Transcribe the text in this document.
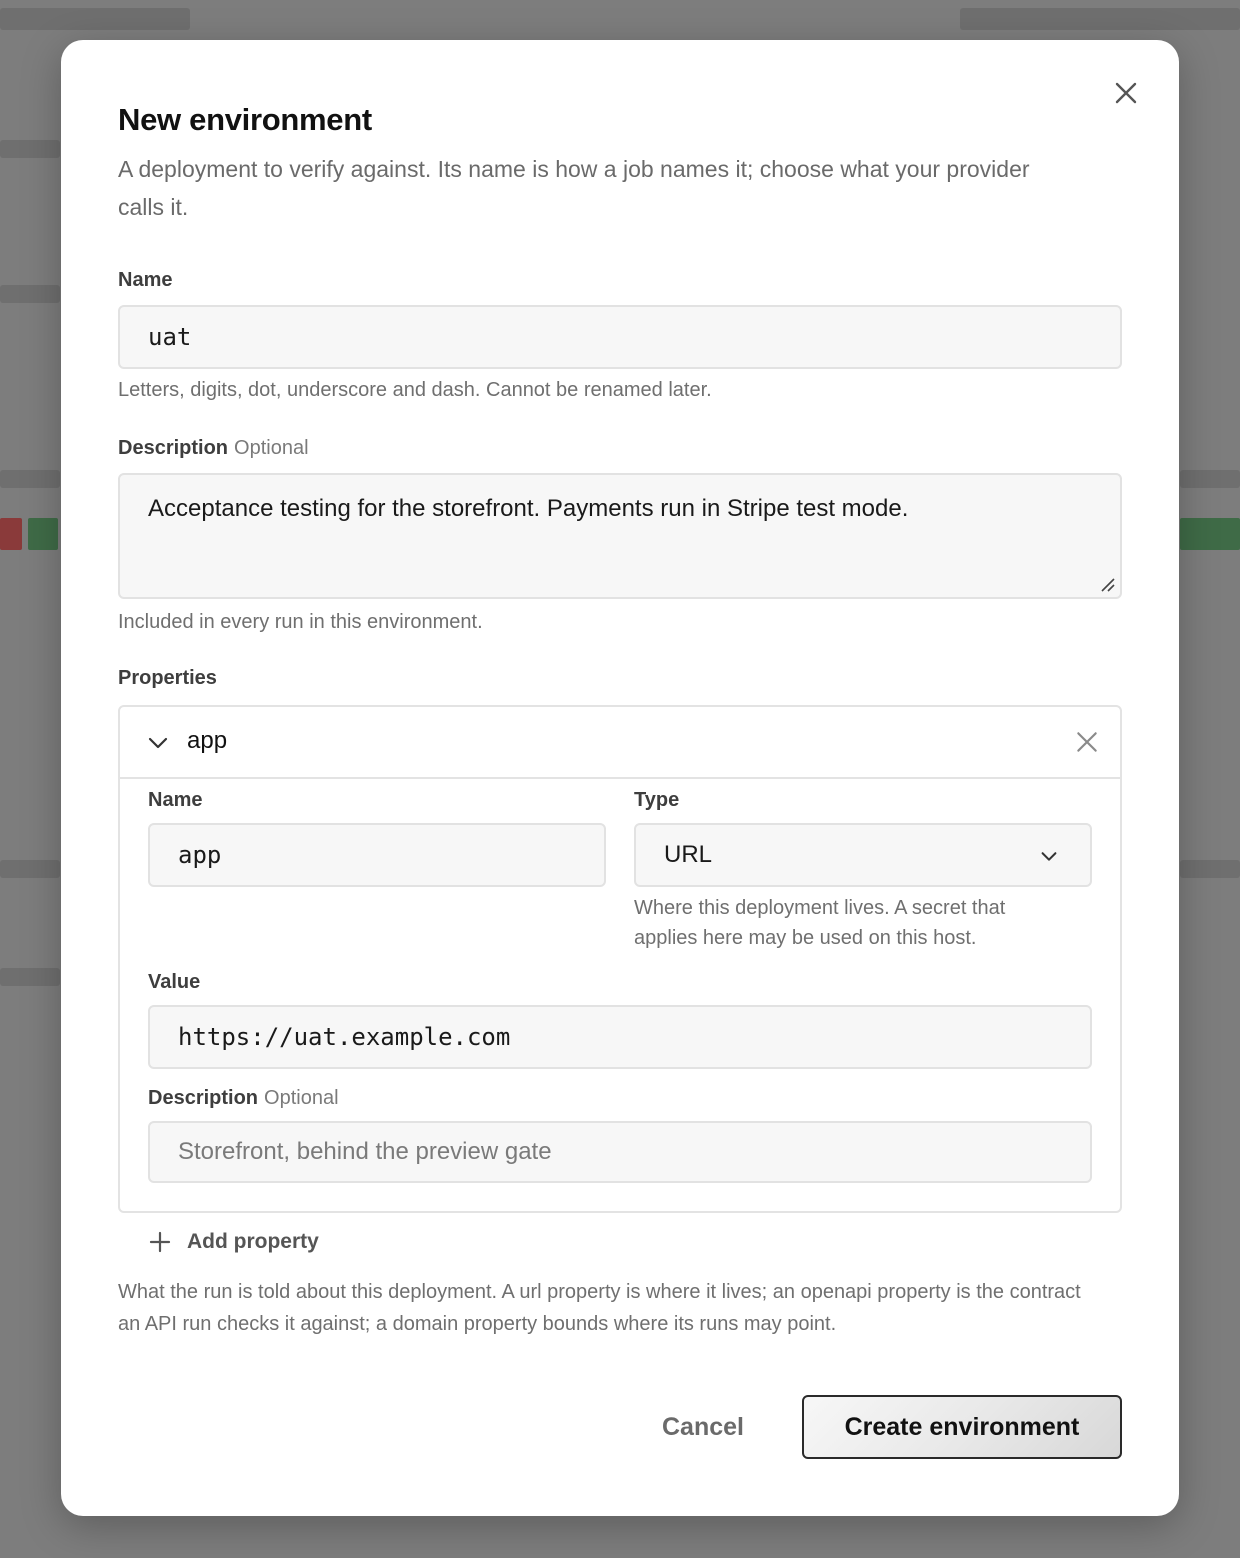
New environment
A deployment to verify against. Its name is how a job names it; choose what your provider calls it.
Name
uat
Letters, digits, dot, underscore and dash. Cannot be renamed later.
Description Optional
Acceptance testing for the storefront. Payments run in Stripe test mode.
Included in every run in this environment.
Properties
app
Name
app
Type
URL
Where this deployment lives. A secret that applies here may be used on this host.
Value
https://uat.example.com
Description Optional
Storefront, behind the preview gate
Add property
What the run is told about this deployment. A url property is where it lives; an openapi property is the contract an API run checks it against; a domain property bounds where its runs may point.
Cancel	Create environment
